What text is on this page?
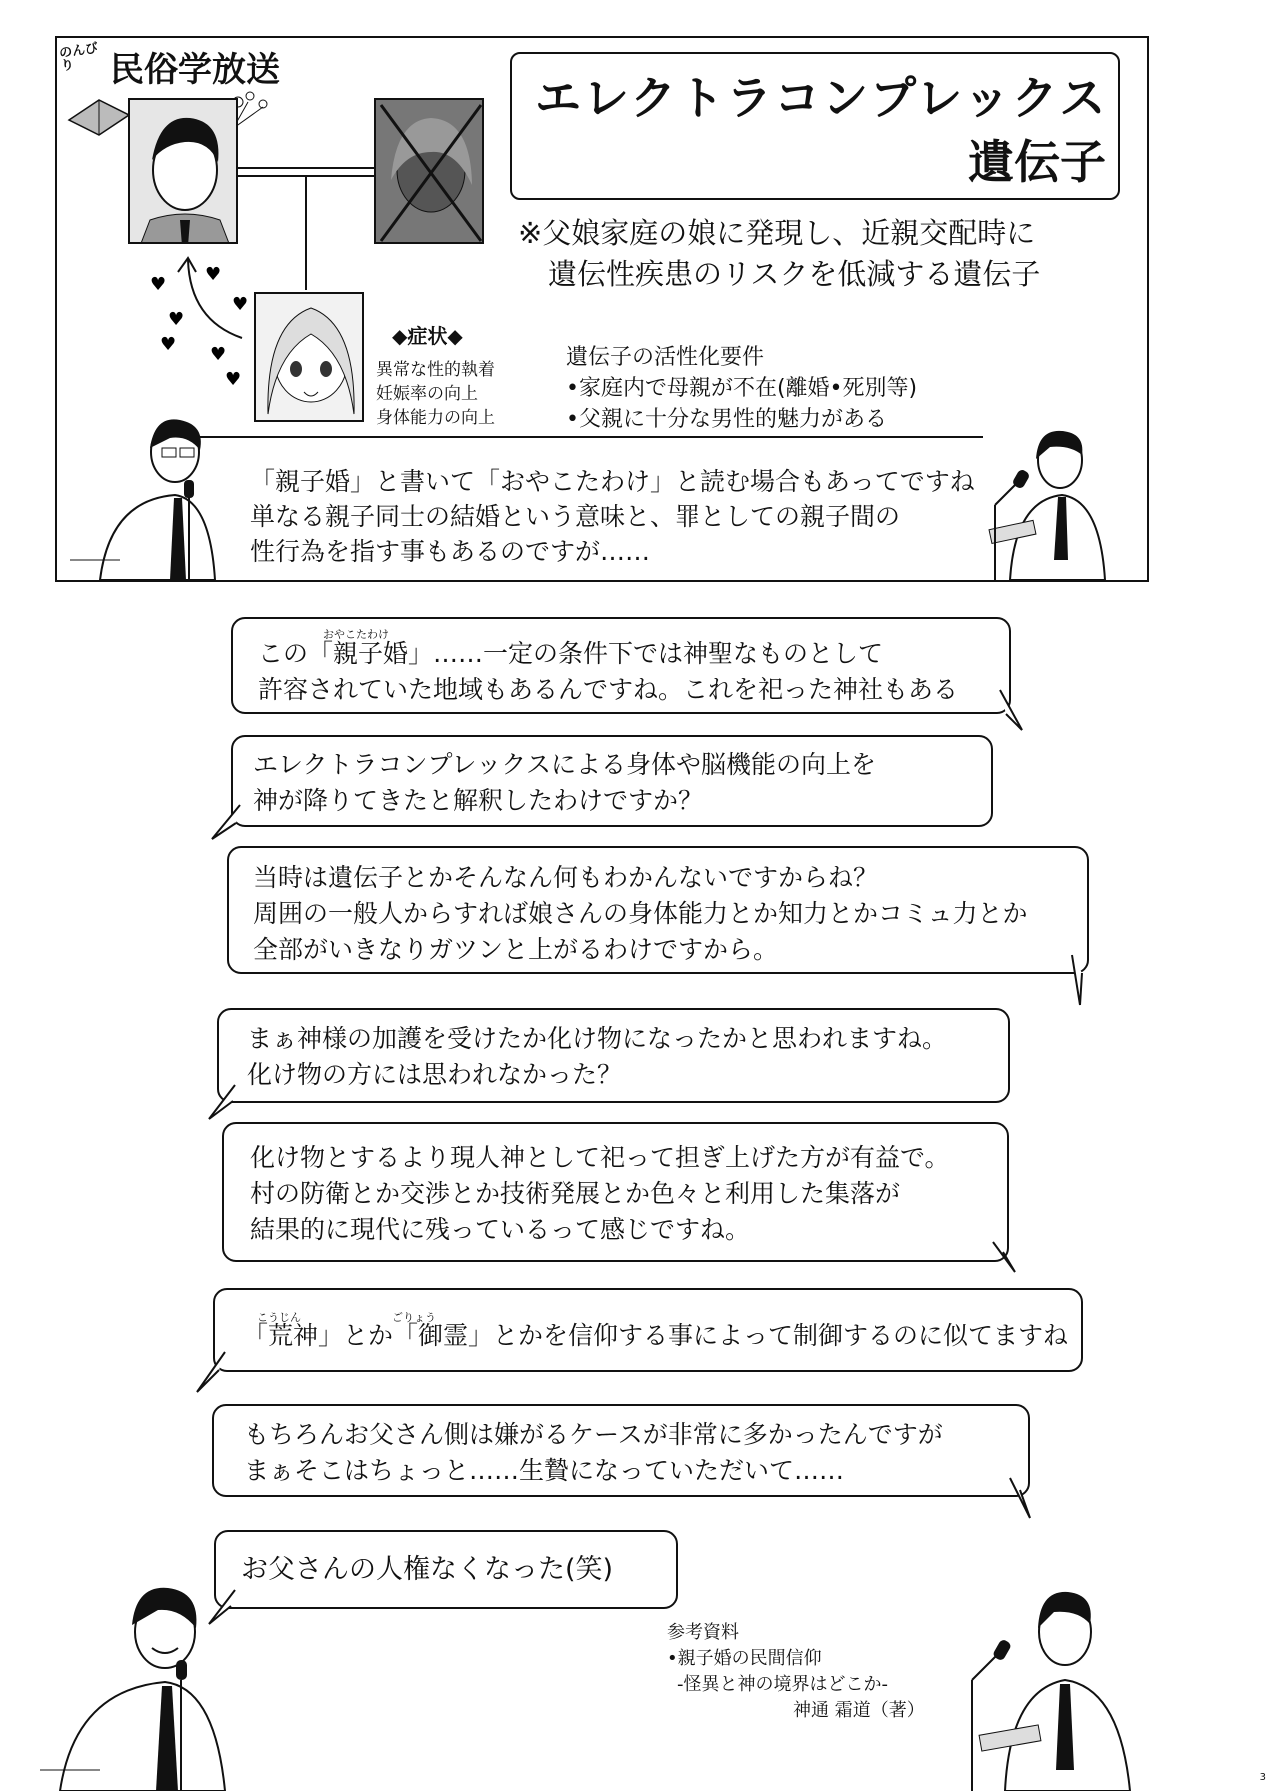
のんびり	民俗学放送
♥ ♥
♥
♥
♥ ♥
♥
◆症状◆
異常な性的執着
妊娠率の向上
身体能力の向上
エレクトラコンプレックス
遺伝子
※父娘家庭の娘に発現し、近親交配時に
遺伝性疾患のリスクを低減する遺伝子
遺伝子の活性化要件
•家庭内で母親が不在(離婚•死別等)
•父親に十分な男性的魅力がある
「親子婚」と書いて「おやこたわけ」と読む場合もあってですね
単なる親子同士の結婚という意味と、罪としての親子間の
性行為を指す事もあるのですが……
おやこたわけ
この「親子婚」……一定の条件下では神聖なものとして
許容されていた地域もあるんですね。これを祀った神社もある
エレクトラコンプレックスによる身体や脳機能の向上を
神が降りてきたと解釈したわけですか？
当時は遺伝子とかそんなん何もわかんないですからね？
周囲の一般人からすれば娘さんの身体能力とか知力とかコミュ力とか
全部がいきなりガツンと上がるわけですから。
まぁ神様の加護を受けたか化け物になったかと思われますね。
化け物の方には思われなかった？
化け物とするより現人神として祀って担ぎ上げた方が有益で。
村の防衛とか交渉とか技術発展とか色々と利用した集落が
結果的に現代に残っているって感じですね。
こうじん	ごりょう
「荒神」とか「御霊」とかを信仰する事によって制御するのに似てますね
もちろんお父さん側は嫌がるケースが非常に多かったんですが
まぁそこはちょっと……生贄になっていただいて……
お父さんの人権なくなった(笑)
参考資料
•親子婚の民間信仰
-怪異と神の境界はどこか-
神通 霜道（著）
3
